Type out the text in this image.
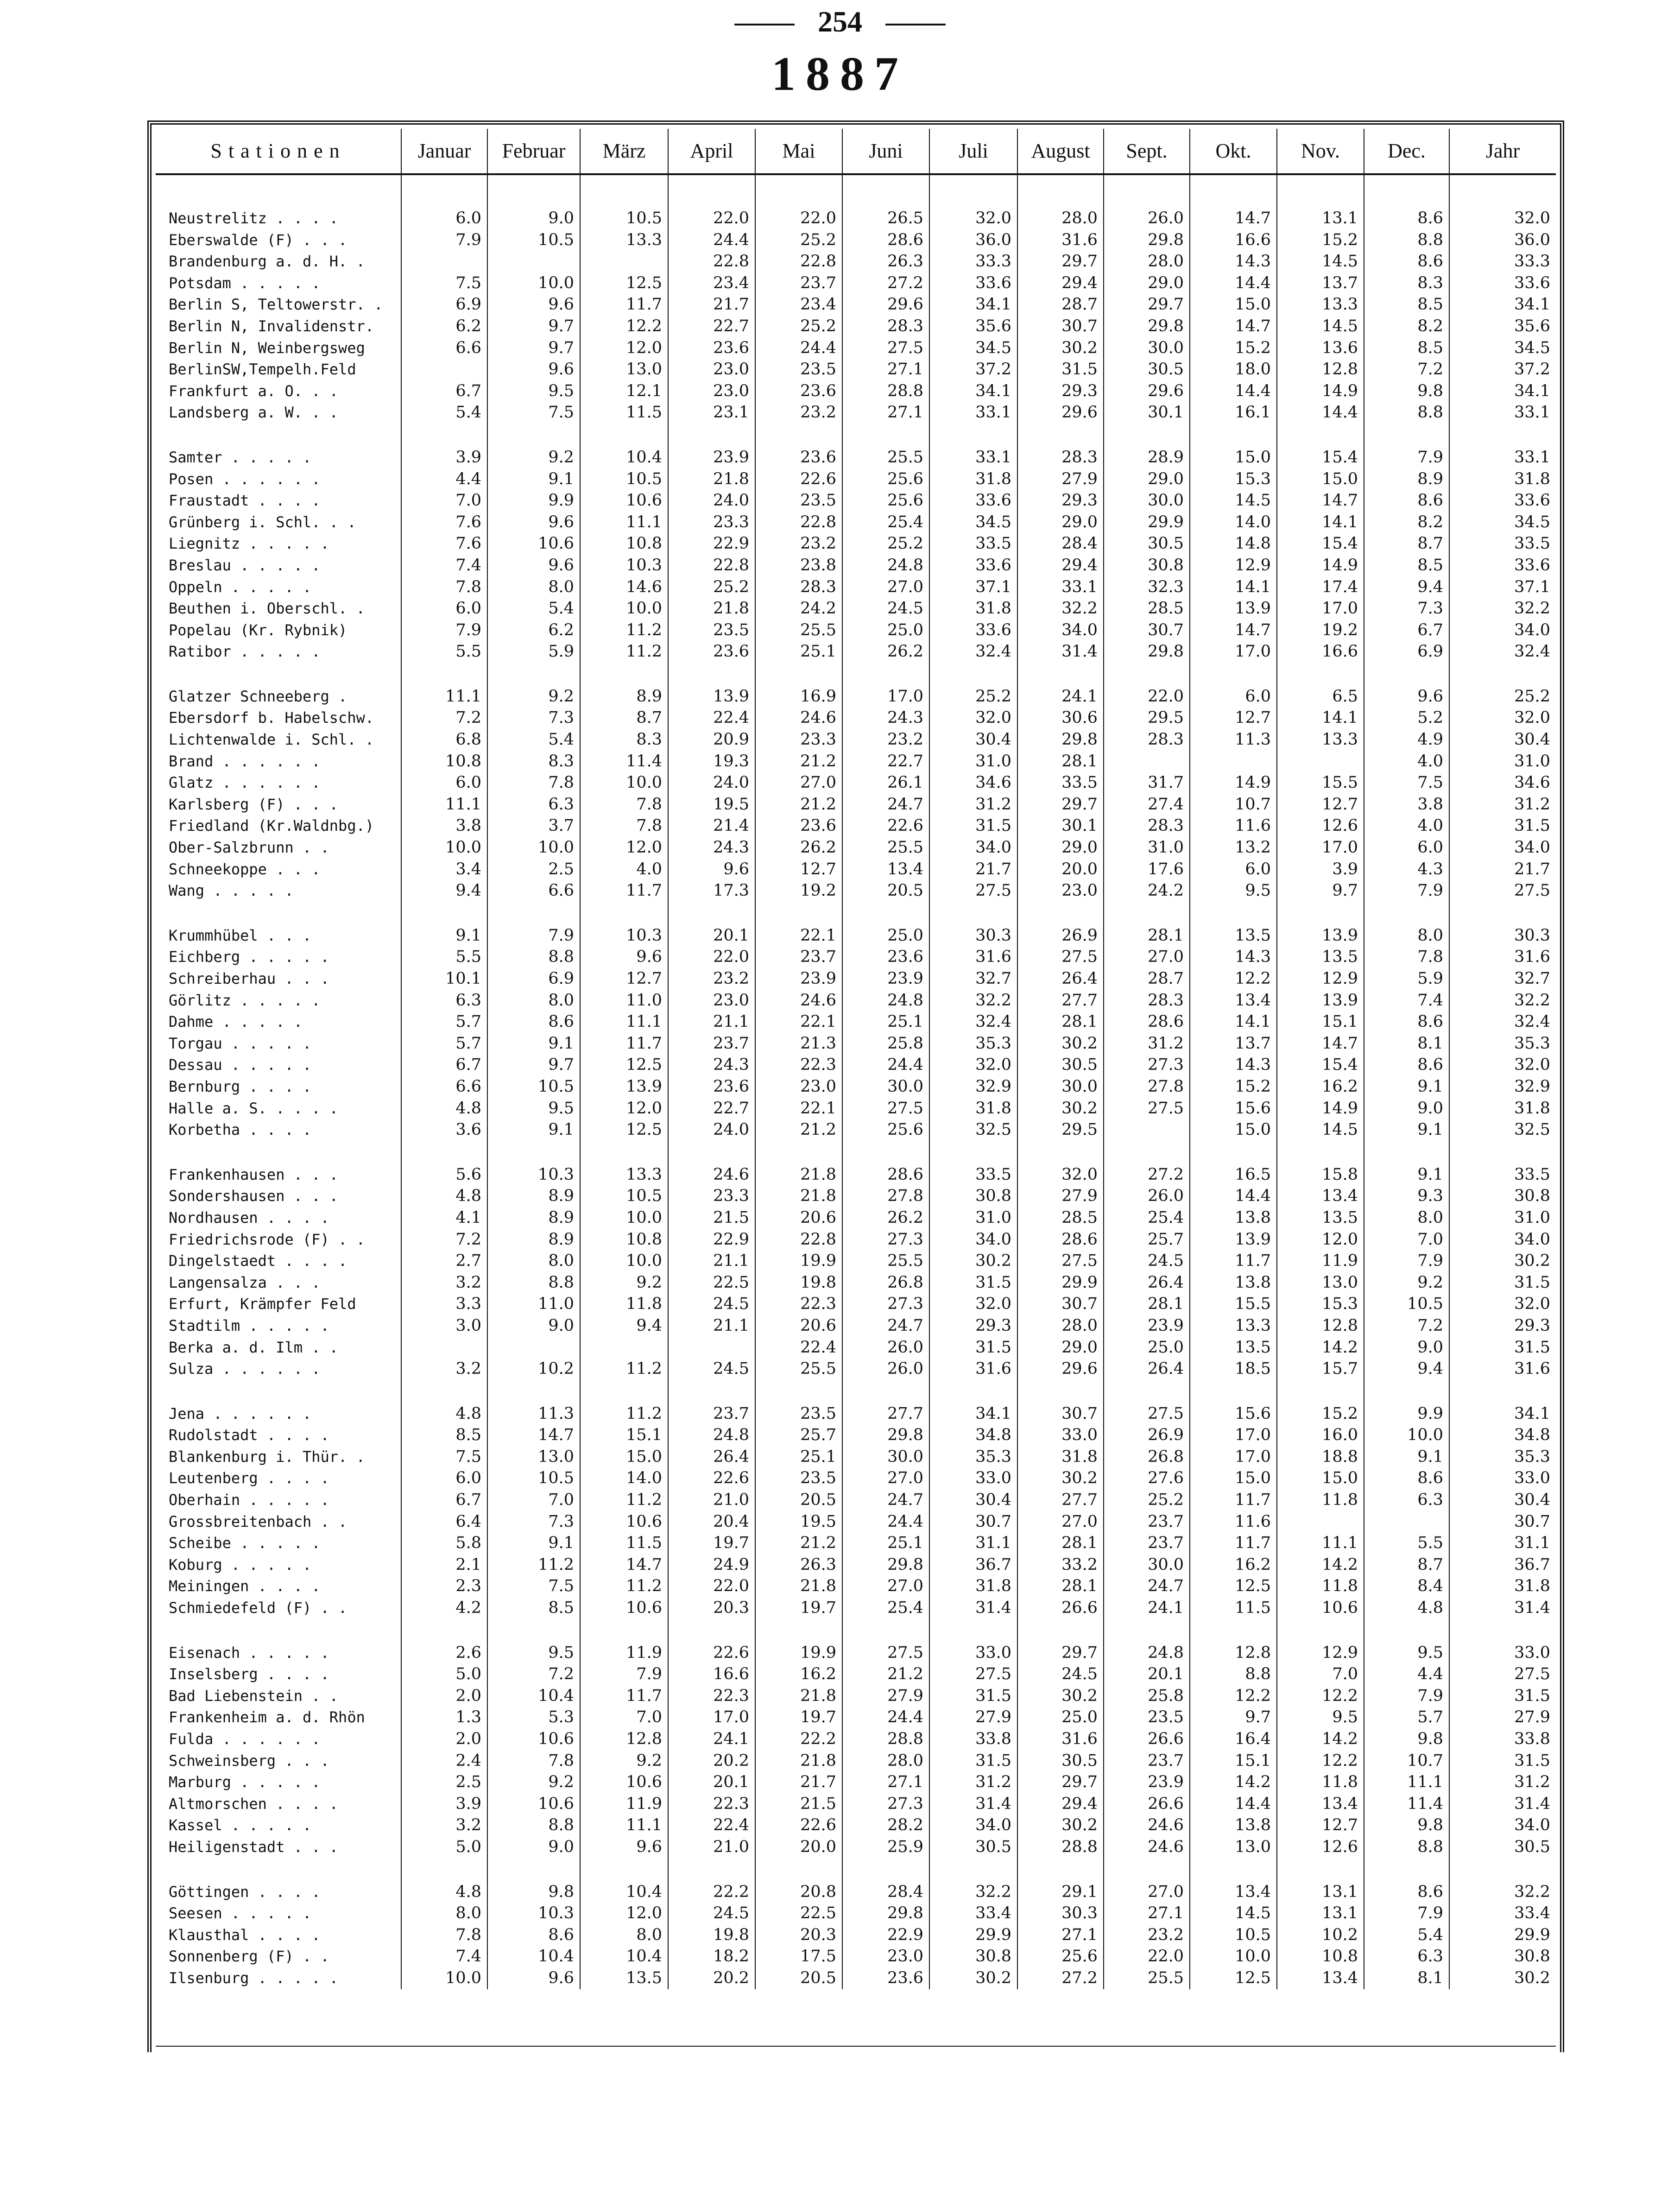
254
1887
Stationen	Januar	Februar	März	April	Mai	Juni	Juli	August	Sept.	Okt.	Nov.	Dec.	Jahr

Neustrelitz . . . .	6.0	9.0	10.5	22.0	22.0	26.5	32.0	28.0	26.0	14.7	13.1	8.6	32.0
Eberswalde (F) . . .	7.9	10.5	13.3	24.4	25.2	28.6	36.0	31.6	29.8	16.6	15.2	8.8	36.0
Brandenburg a. d. H. .				22.8	22.8	26.3	33.3	29.7	28.0	14.3	14.5	8.6	33.3
Potsdam . . . . .	7.5	10.0	12.5	23.4	23.7	27.2	33.6	29.4	29.0	14.4	13.7	8.3	33.6
Berlin S, Teltowerstr. .	6.9	9.6	11.7	21.7	23.4	29.6	34.1	28.7	29.7	15.0	13.3	8.5	34.1
Berlin N, Invalidenstr.	6.2	9.7	12.2	22.7	25.2	28.3	35.6	30.7	29.8	14.7	14.5	8.2	35.6
Berlin N, Weinbergsweg	6.6	9.7	12.0	23.6	24.4	27.5	34.5	30.2	30.0	15.2	13.6	8.5	34.5
BerlinSW,Tempelh.Feld		9.6	13.0	23.0	23.5	27.1	37.2	31.5	30.5	18.0	12.8	7.2	37.2
Frankfurt a. O. . .	6.7	9.5	12.1	23.0	23.6	28.8	34.1	29.3	29.6	14.4	14.9	9.8	34.1
Landsberg a. W. . .	5.4	7.5	11.5	23.1	23.2	27.1	33.1	29.6	30.1	16.1	14.4	8.8	33.1

Samter . . . . .	3.9	9.2	10.4	23.9	23.6	25.5	33.1	28.3	28.9	15.0	15.4	7.9	33.1
Posen . . . . . .	4.4	9.1	10.5	21.8	22.6	25.6	31.8	27.9	29.0	15.3	15.0	8.9	31.8
Fraustadt . . . .	7.0	9.9	10.6	24.0	23.5	25.6	33.6	29.3	30.0	14.5	14.7	8.6	33.6
Grünberg i. Schl. . .	7.6	9.6	11.1	23.3	22.8	25.4	34.5	29.0	29.9	14.0	14.1	8.2	34.5
Liegnitz . . . . .	7.6	10.6	10.8	22.9	23.2	25.2	33.5	28.4	30.5	14.8	15.4	8.7	33.5
Breslau . . . . .	7.4	9.6	10.3	22.8	23.8	24.8	33.6	29.4	30.8	12.9	14.9	8.5	33.6
Oppeln . . . . .	7.8	8.0	14.6	25.2	28.3	27.0	37.1	33.1	32.3	14.1	17.4	9.4	37.1
Beuthen i. Oberschl. .	6.0	5.4	10.0	21.8	24.2	24.5	31.8	32.2	28.5	13.9	17.0	7.3	32.2
Popelau (Kr. Rybnik)	7.9	6.2	11.2	23.5	25.5	25.0	33.6	34.0	30.7	14.7	19.2	6.7	34.0
Ratibor . . . . .	5.5	5.9	11.2	23.6	25.1	26.2	32.4	31.4	29.8	17.0	16.6	6.9	32.4

Glatzer Schneeberg .	11.1	9.2	8.9	13.9	16.9	17.0	25.2	24.1	22.0	6.0	6.5	9.6	25.2
Ebersdorf b. Habelschw.	7.2	7.3	8.7	22.4	24.6	24.3	32.0	30.6	29.5	12.7	14.1	5.2	32.0
Lichtenwalde i. Schl. .	6.8	5.4	8.3	20.9	23.3	23.2	30.4	29.8	28.3	11.3	13.3	4.9	30.4
Brand . . . . . .	10.8	8.3	11.4	19.3	21.2	22.7	31.0	28.1				4.0	31.0
Glatz . . . . . .	6.0	7.8	10.0	24.0	27.0	26.1	34.6	33.5	31.7	14.9	15.5	7.5	34.6
Karlsberg (F) . . .	11.1	6.3	7.8	19.5	21.2	24.7	31.2	29.7	27.4	10.7	12.7	3.8	31.2
Friedland (Kr.Waldnbg.)	3.8	3.7	7.8	21.4	23.6	22.6	31.5	30.1	28.3	11.6	12.6	4.0	31.5
Ober-Salzbrunn . .	10.0	10.0	12.0	24.3	26.2	25.5	34.0	29.0	31.0	13.2	17.0	6.0	34.0
Schneekoppe . . .	3.4	2.5	4.0	9.6	12.7	13.4	21.7	20.0	17.6	6.0	3.9	4.3	21.7
Wang . . . . .	9.4	6.6	11.7	17.3	19.2	20.5	27.5	23.0	24.2	9.5	9.7	7.9	27.5

Krummhübel . . .	9.1	7.9	10.3	20.1	22.1	25.0	30.3	26.9	28.1	13.5	13.9	8.0	30.3
Eichberg . . . . .	5.5	8.8	9.6	22.0	23.7	23.6	31.6	27.5	27.0	14.3	13.5	7.8	31.6
Schreiberhau . . .	10.1	6.9	12.7	23.2	23.9	23.9	32.7	26.4	28.7	12.2	12.9	5.9	32.7
Görlitz . . . . .	6.3	8.0	11.0	23.0	24.6	24.8	32.2	27.7	28.3	13.4	13.9	7.4	32.2
Dahme . . . . .	5.7	8.6	11.1	21.1	22.1	25.1	32.4	28.1	28.6	14.1	15.1	8.6	32.4
Torgau . . . . .	5.7	9.1	11.7	23.7	21.3	25.8	35.3	30.2	31.2	13.7	14.7	8.1	35.3
Dessau . . . . .	6.7	9.7	12.5	24.3	22.3	24.4	32.0	30.5	27.3	14.3	15.4	8.6	32.0
Bernburg . . . .	6.6	10.5	13.9	23.6	23.0	30.0	32.9	30.0	27.8	15.2	16.2	9.1	32.9
Halle a. S. . . . .	4.8	9.5	12.0	22.7	22.1	27.5	31.8	30.2	27.5	15.6	14.9	9.0	31.8
Korbetha . . . .	3.6	9.1	12.5	24.0	21.2	25.6	32.5	29.5		15.0	14.5	9.1	32.5

Frankenhausen . . .	5.6	10.3	13.3	24.6	21.8	28.6	33.5	32.0	27.2	16.5	15.8	9.1	33.5
Sondershausen . . .	4.8	8.9	10.5	23.3	21.8	27.8	30.8	27.9	26.0	14.4	13.4	9.3	30.8
Nordhausen . . . .	4.1	8.9	10.0	21.5	20.6	26.2	31.0	28.5	25.4	13.8	13.5	8.0	31.0
Friedrichsrode (F) . .	7.2	8.9	10.8	22.9	22.8	27.3	34.0	28.6	25.7	13.9	12.0	7.0	34.0
Dingelstaedt . . . .	2.7	8.0	10.0	21.1	19.9	25.5	30.2	27.5	24.5	11.7	11.9	7.9	30.2
Langensalza . . .	3.2	8.8	9.2	22.5	19.8	26.8	31.5	29.9	26.4	13.8	13.0	9.2	31.5
Erfurt, Krämpfer Feld	3.3	11.0	11.8	24.5	22.3	27.3	32.0	30.7	28.1	15.5	15.3	10.5	32.0
Stadtilm . . . . .	3.0	9.0	9.4	21.1	20.6	24.7	29.3	28.0	23.9	13.3	12.8	7.2	29.3
Berka a. d. Ilm . .					22.4	26.0	31.5	29.0	25.0	13.5	14.2	9.0	31.5
Sulza . . . . . .	3.2	10.2	11.2	24.5	25.5	26.0	31.6	29.6	26.4	18.5	15.7	9.4	31.6

Jena . . . . . .	4.8	11.3	11.2	23.7	23.5	27.7	34.1	30.7	27.5	15.6	15.2	9.9	34.1
Rudolstadt . . . .	8.5	14.7	15.1	24.8	25.7	29.8	34.8	33.0	26.9	17.0	16.0	10.0	34.8
Blankenburg i. Thür. .	7.5	13.0	15.0	26.4	25.1	30.0	35.3	31.8	26.8	17.0	18.8	9.1	35.3
Leutenberg . . . .	6.0	10.5	14.0	22.6	23.5	27.0	33.0	30.2	27.6	15.0	15.0	8.6	33.0
Oberhain . . . . .	6.7	7.0	11.2	21.0	20.5	24.7	30.4	27.7	25.2	11.7	11.8	6.3	30.4
Grossbreitenbach . .	6.4	7.3	10.6	20.4	19.5	24.4	30.7	27.0	23.7	11.6			30.7
Scheibe . . . . .	5.8	9.1	11.5	19.7	21.2	25.1	31.1	28.1	23.7	11.7	11.1	5.5	31.1
Koburg . . . . .	2.1	11.2	14.7	24.9	26.3	29.8	36.7	33.2	30.0	16.2	14.2	8.7	36.7
Meiningen . . . .	2.3	7.5	11.2	22.0	21.8	27.0	31.8	28.1	24.7	12.5	11.8	8.4	31.8
Schmiedefeld (F) . .	4.2	8.5	10.6	20.3	19.7	25.4	31.4	26.6	24.1	11.5	10.6	4.8	31.4

Eisenach . . . . .	2.6	9.5	11.9	22.6	19.9	27.5	33.0	29.7	24.8	12.8	12.9	9.5	33.0
Inselsberg . . . .	5.0	7.2	7.9	16.6	16.2	21.2	27.5	24.5	20.1	8.8	7.0	4.4	27.5
Bad Liebenstein . .	2.0	10.4	11.7	22.3	21.8	27.9	31.5	30.2	25.8	12.2	12.2	7.9	31.5
Frankenheim a. d. Rhön	1.3	5.3	7.0	17.0	19.7	24.4	27.9	25.0	23.5	9.7	9.5	5.7	27.9
Fulda . . . . . .	2.0	10.6	12.8	24.1	22.2	28.8	33.8	31.6	26.6	16.4	14.2	9.8	33.8
Schweinsberg . . .	2.4	7.8	9.2	20.2	21.8	28.0	31.5	30.5	23.7	15.1	12.2	10.7	31.5
Marburg . . . . .	2.5	9.2	10.6	20.1	21.7	27.1	31.2	29.7	23.9	14.2	11.8	11.1	31.2
Altmorschen . . . .	3.9	10.6	11.9	22.3	21.5	27.3	31.4	29.4	26.6	14.4	13.4	11.4	31.4
Kassel . . . . .	3.2	8.8	11.1	22.4	22.6	28.2	34.0	30.2	24.6	13.8	12.7	9.8	34.0
Heiligenstadt . . .	5.0	9.0	9.6	21.0	20.0	25.9	30.5	28.8	24.6	13.0	12.6	8.8	30.5

Göttingen . . . .	4.8	9.8	10.4	22.2	20.8	28.4	32.2	29.1	27.0	13.4	13.1	8.6	32.2
Seesen . . . . .	8.0	10.3	12.0	24.5	22.5	29.8	33.4	30.3	27.1	14.5	13.1	7.9	33.4
Klausthal . . . .	7.8	8.6	8.0	19.8	20.3	22.9	29.9	27.1	23.2	10.5	10.2	5.4	29.9
Sonnenberg (F) . .	7.4	10.4	10.4	18.2	17.5	23.0	30.8	25.6	22.0	10.0	10.8	6.3	30.8
Ilsenburg . . . . .	10.0	9.6	13.5	20.2	20.5	23.6	30.2	27.2	25.5	12.5	13.4	8.1	30.2
